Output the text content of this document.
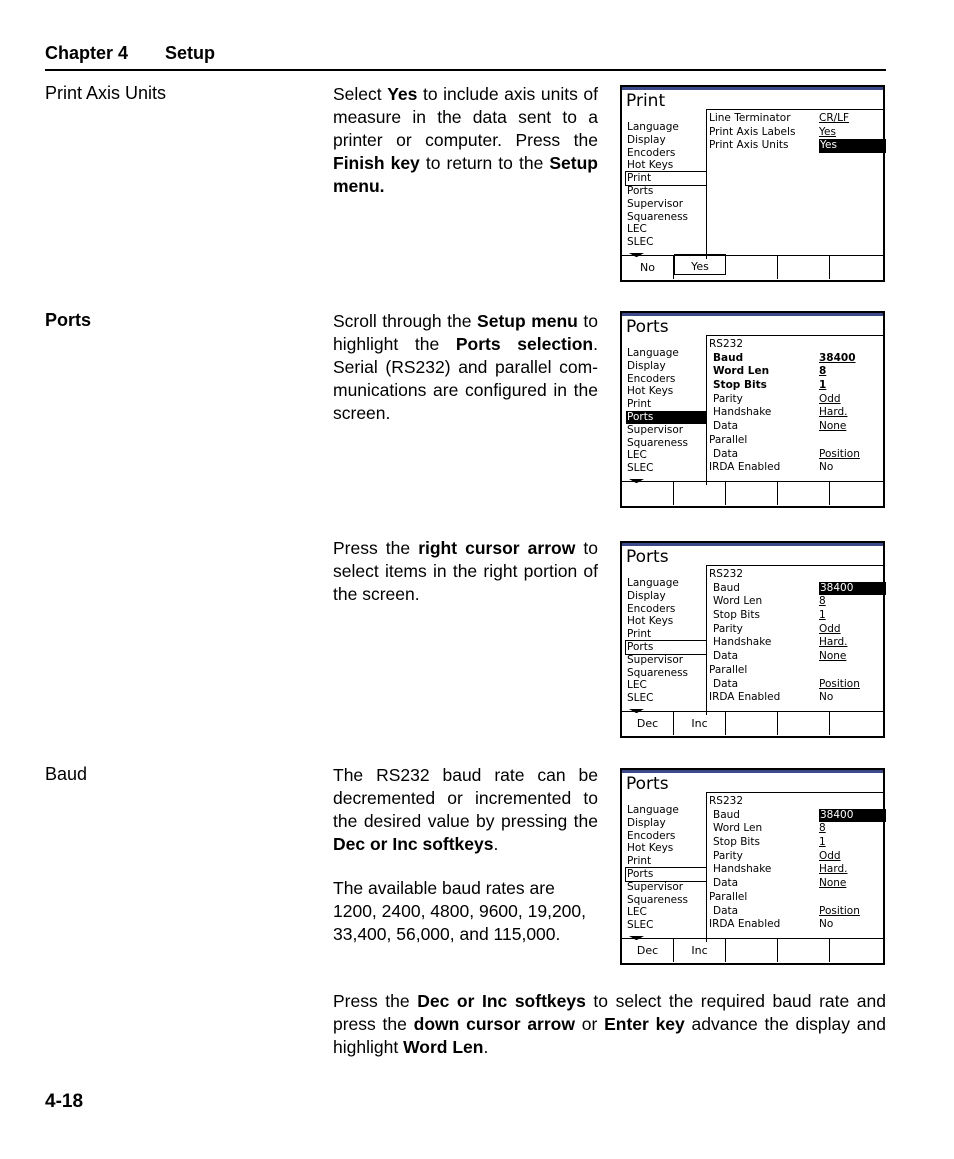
Chapter 4 Setup
Print Axis Units	Select Yes to include axis units of measure in the data sent to a printer or computer. Press the Finish key to return to the Setup menu.
Ports	Scroll through the Setup menu to highlight the Ports selection. Serial (RS232) and parallel com-munications are configured in the screen.
Press the right cursor arrow to select items in the right portion of the screen.
Baud	The RS232 baud rate can be decremented or incremented to the desired value by pressing the Dec or Inc softkeys.
The available baud rates are 1200, 2400, 4800, 9600, 19,200, 33,400, 56,000, and 115,000.
Press the Dec or Inc softkeys to select the required baud rate and press the down cursor arrow or Enter key advance the display and highlight Word Len.
4-18
Print
Language
Display
Encoders
Hot Keys
Print
Ports
Supervisor
Squareness
LEC
SLEC
Line Terminator	CR/LF
Print Axis Labels Yes
Print Axis Units	Yes
No	Yes
Ports
Language
Display
Encoders
Hot Keys
Print
Ports
Supervisor
Squareness
LEC
SLEC
RS232
Baud	38400
Word Len	8
Stop Bits	1
Parity	Odd
Handshake	Hard.
Data	None
Parallel
Data	Position
IRDA Enabled	No
Ports
Language
Display
Encoders
Hot Keys
Print
Ports
Supervisor
Squareness
LEC
SLEC
RS232
Baud	38400
Word Len	8
Stop Bits	1
Parity	Odd
Handshake	Hard.
Data	None
Parallel
Data	Position
IRDA Enabled	No
Dec	Inc
Ports
Language
Display
Encoders
Hot Keys
Print
Ports
Supervisor
Squareness
LEC
SLEC
RS232
Baud	38400
Word Len	8
Stop Bits	1
Parity	Odd
Handshake	Hard.
Data	None
Parallel
Data	Position
IRDA Enabled	No
Dec	Inc
